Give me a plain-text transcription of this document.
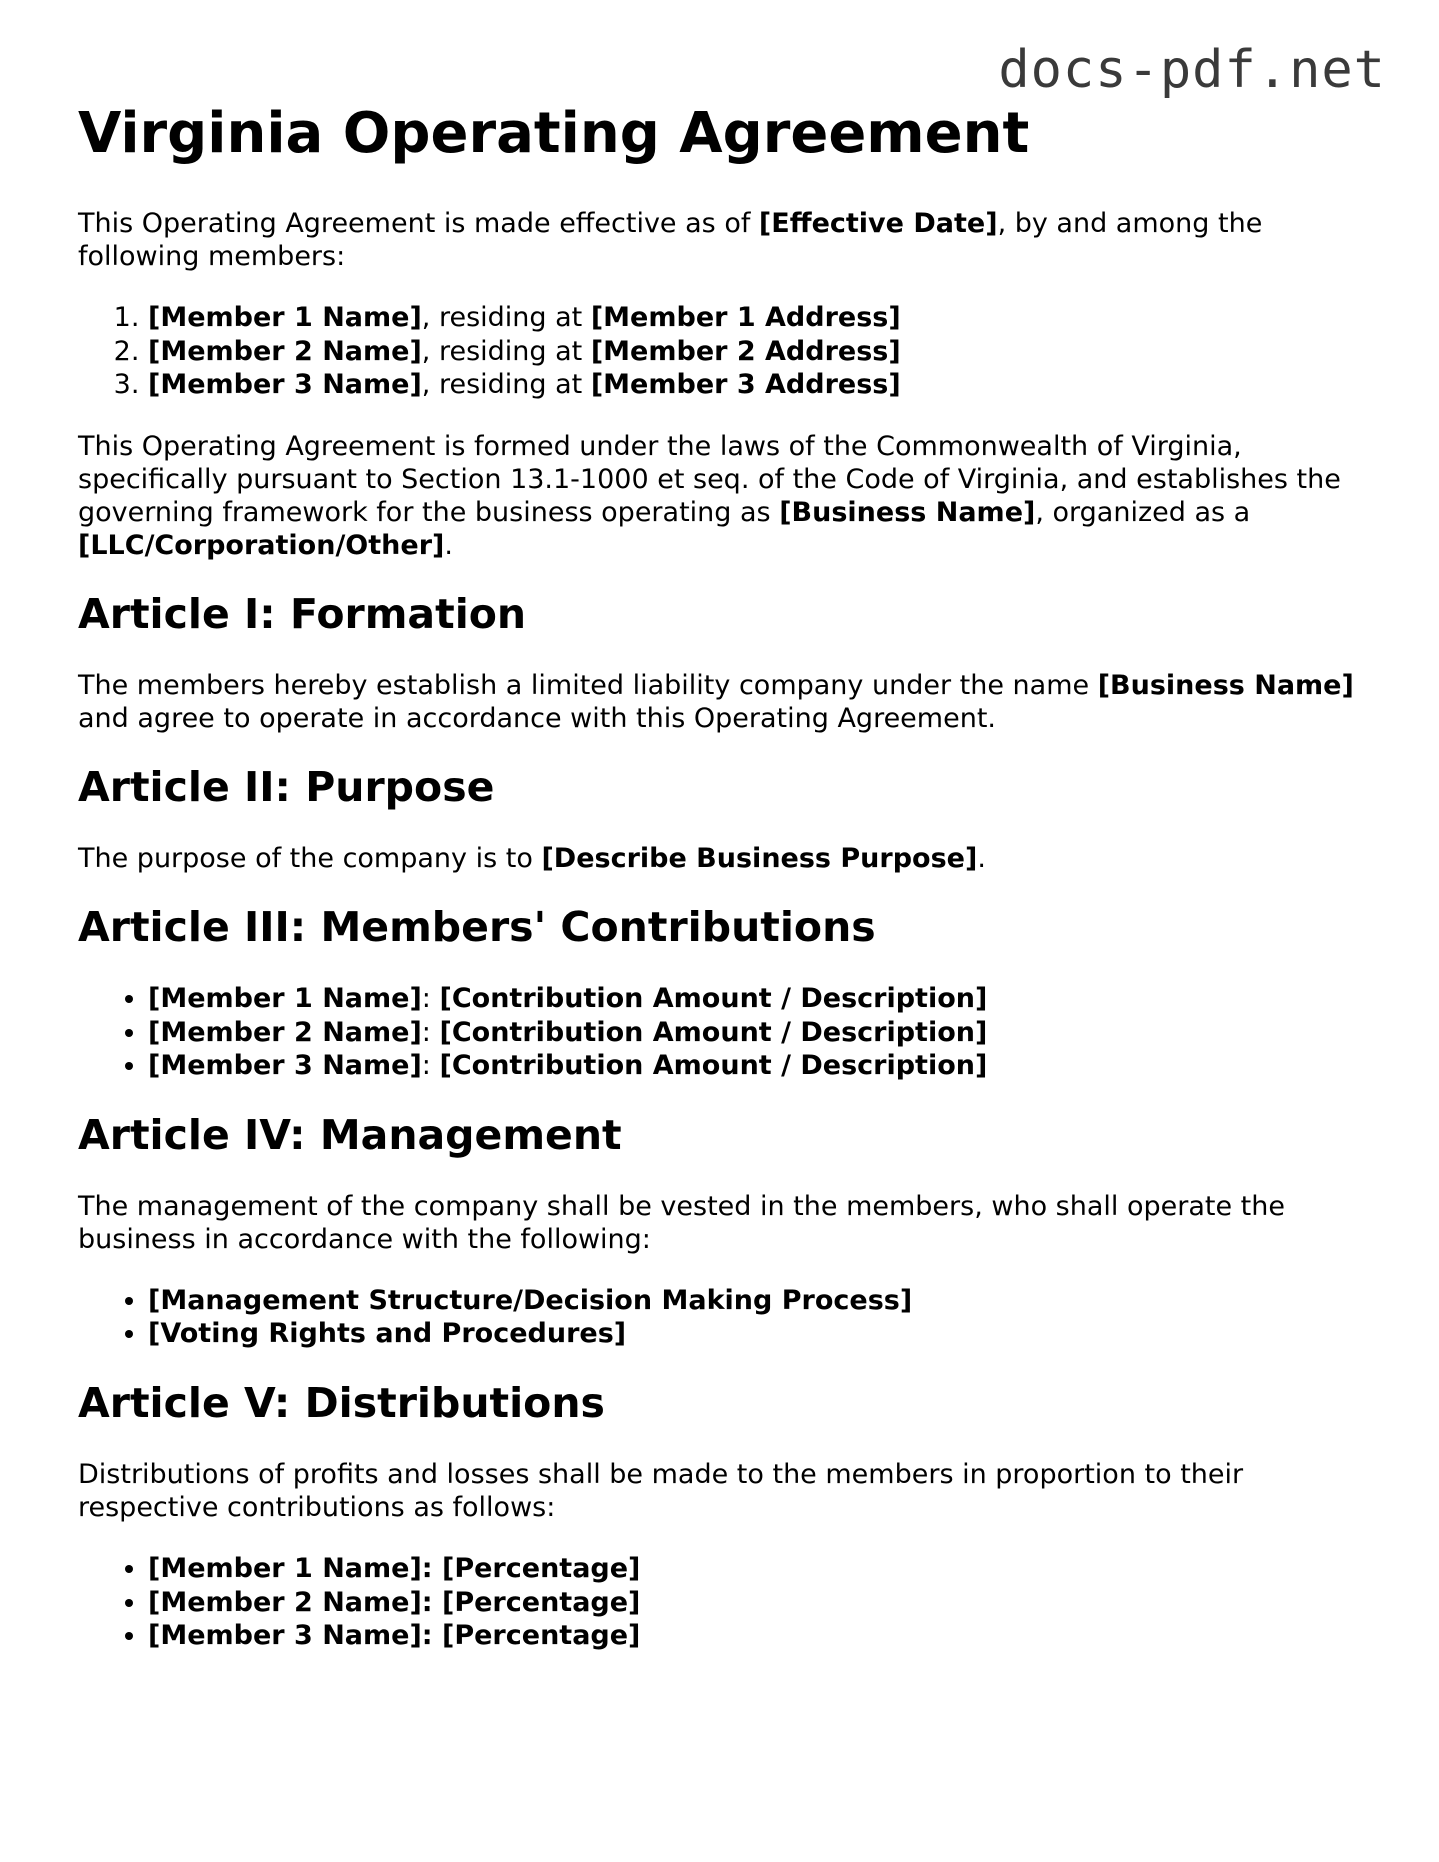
docs-pdf.net
Virginia Operating Agreement

This Operating Agreement is made effective as of [Effective Date], by and among the following members:

1. [Member 1 Name], residing at [Member 1 Address]
2. [Member 2 Name], residing at [Member 2 Address]
3. [Member 3 Name], residing at [Member 3 Address]

This Operating Agreement is formed under the laws of the Commonwealth of Virginia, specifically pursuant to Section 13.1-1000 et seq. of the Code of Virginia, and establishes the governing framework for the business operating as [Business Name], organized as a [LLC/Corporation/Other].

Article I: Formation

The members hereby establish a limited liability company under the name [Business Name] and agree to operate in accordance with this Operating Agreement.

Article II: Purpose

The purpose of the company is to [Describe Business Purpose].

Article III: Members' Contributions
• [Member 1 Name]: [Contribution Amount / Description]
• [Member 2 Name]: [Contribution Amount / Description]
• [Member 3 Name]: [Contribution Amount / Description]
Article IV: Management

The management of the company shall be vested in the members, who shall operate the business in accordance with the following:

• [Management Structure/Decision Making Process]
• [Voting Rights and Procedures]
Article V: Distributions

Distributions of profits and losses shall be made to the members in proportion to their respective contributions as follows:

• [Member 1 Name]: [Percentage]
• [Member 2 Name]: [Percentage]
• [Member 3 Name]: [Percentage]
